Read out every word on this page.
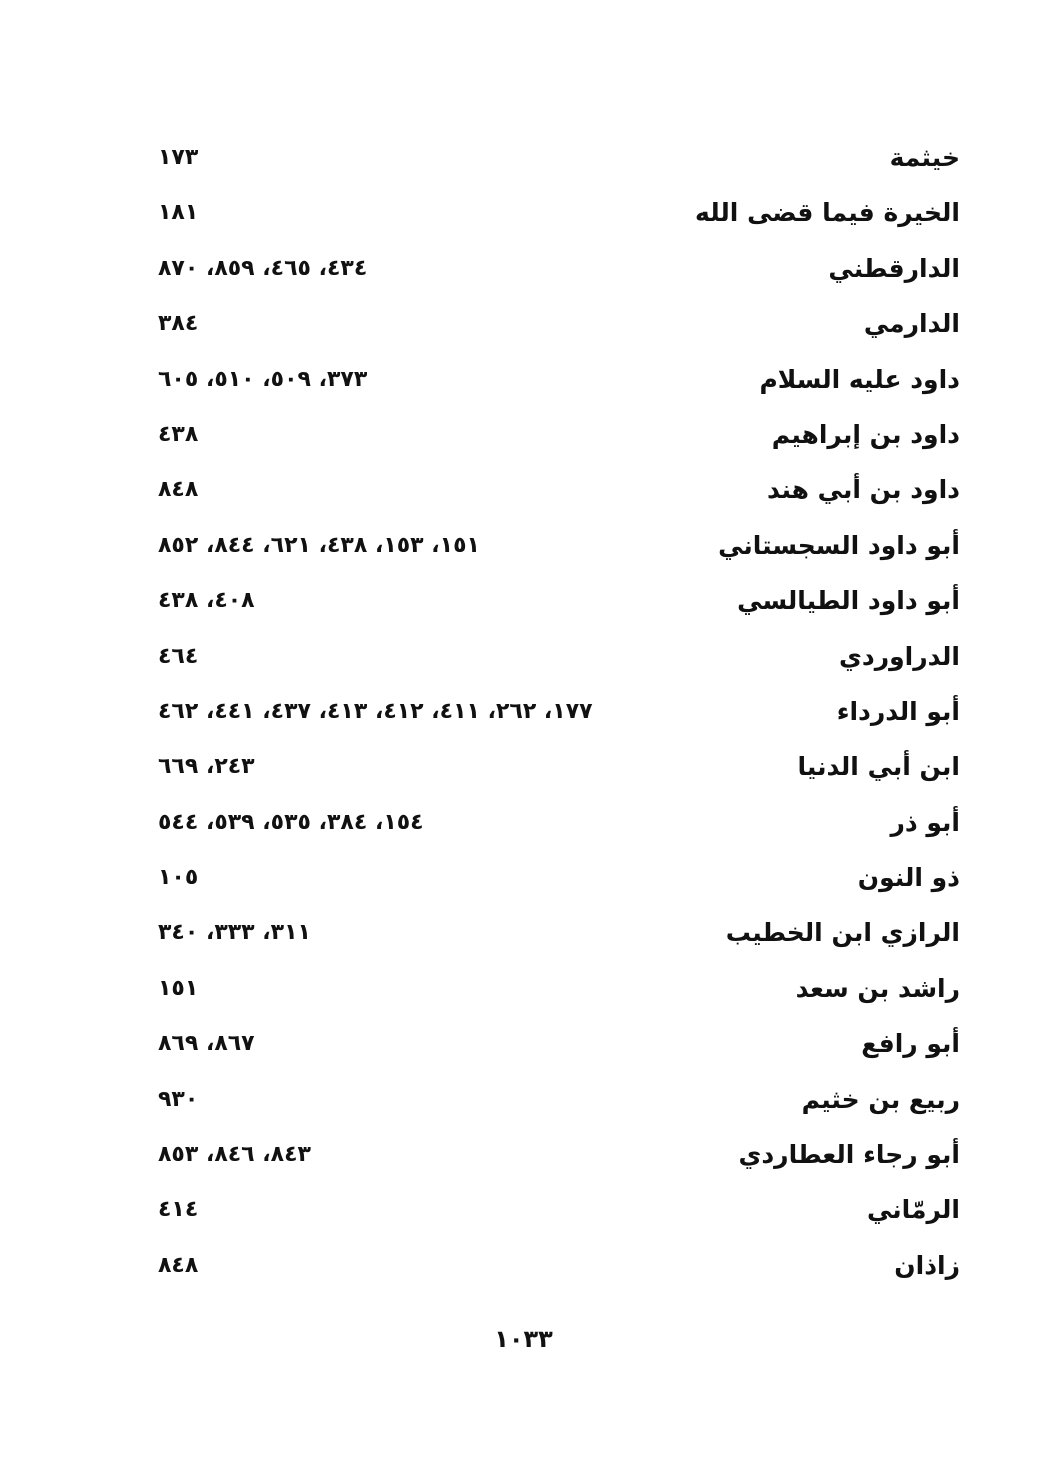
خيثمة
١٧٣
الخيرة فيما قضى الله
١٨١
الدارقطني
٤٣٤، ٤٦٥، ٨٥٩، ٨٧٠
الدارمي
٣٨٤
داود عليه السلام
٣٧٣، ٥٠٩، ٥١٠، ٦٠٥
داود بن إبراهيم
٤٣٨
داود بن أبي هند
٨٤٨
أبو داود السجستاني
١٥١، ١٥٣، ٤٣٨، ٦٢١، ٨٤٤، ٨٥٢
أبو داود الطيالسي
٤٠٨، ٤٣٨
الدراوردي
٤٦٤
أبو الدرداء
١٧٧، ٢٦٢، ٤١١، ٤١٢، ٤١٣، ٤٣٧، ٤٤١، ٤٦٢
ابن أبي الدنيا
٢٤٣، ٦٦٩
أبو ذر
١٥٤، ٣٨٤، ٥٣٥، ٥٣٩، ٥٤٤
ذو النون
١٠٥
الرازي ابن الخطيب
٣١١، ٣٣٣، ٣٤٠
راشد بن سعد
١٥١
أبو رافع
٨٦٧، ٨٦٩
ربيع بن خثيم
٩٣٠
أبو رجاء العطاردي
٨٤٣، ٨٤٦، ٨٥٣
الرمّاني
٤١٤
زاذان
٨٤٨
١٠٣٣
